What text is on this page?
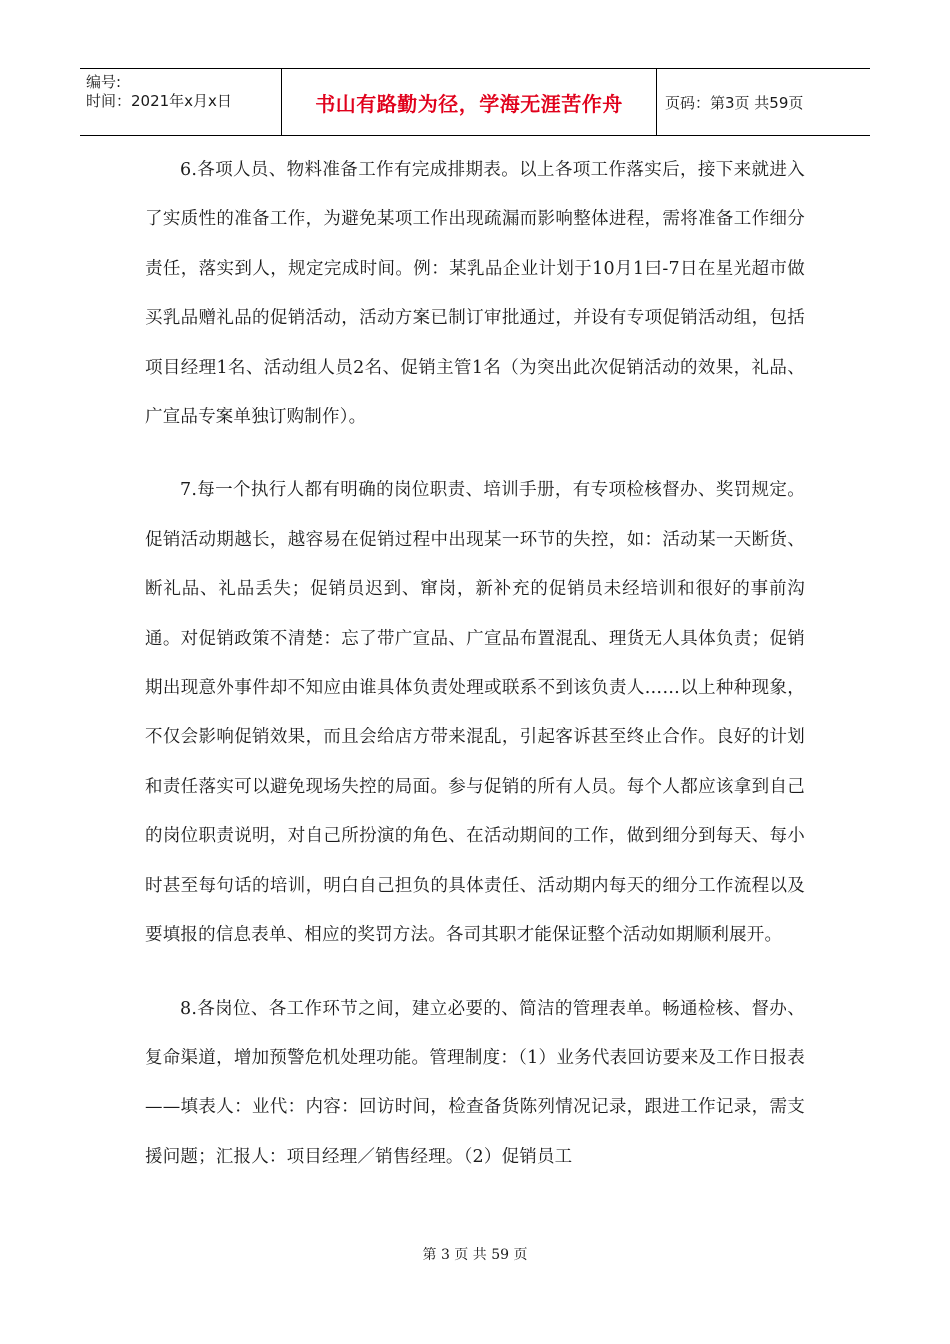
编号:
时间：2021年x月x日	书山有路勤为径，学海无涯苦作舟	页码：第3页 共59页

6.各项人员、物料准备工作有完成排期表。以上各项工作落实后，接下来就进入了实质性的准备工作，为避免某项工作出现疏漏而影响整体进程，需将准备工作细分责任，落实到人，规定完成时间。例：某乳品企业计划于10月1曰-7日在星光超市做买乳品赠礼品的促销活动，活动方案已制订审批通过，并设有专项促销活动组，包括项目经理1名、活动组人员2名、促销主管1名（为突出此次促销活动的效果，礼品、广宣品专案单独订购制作）。

7.每一个执行人都有明确的岗位职责、培训手册，有专项检核督办、奖罚规定。促销活动期越长，越容易在促销过程中出现某一环节的失控，如：活动某一天断货、断礼品、礼品丢失；促销员迟到、窜岗，新补充的促销员未经培训和很好的事前沟通。对促销政策不清楚：忘了带广宣品、广宣品布置混乱、理货无人具体负责；促销期出现意外事件却不知应由谁具体负责处理或联系不到该负责人……以上种种现象，不仅会影响促销效果，而且会给店方带来混乱，引起客诉甚至终止合作。良好的计划和责任落实可以避免现场失控的局面。参与促销的所有人员。每个人都应该拿到自己的岗位职责说明，对自己所扮演的角色、在活动期间的工作，做到细分到每天、每小时甚至每句话的培训，明白自己担负的具体责任、活动期内每天的细分工作流程以及要填报的信息表单、相应的奖罚方法。各司其职才能保证整个活动如期顺利展开。

8.各岗位、各工作环节之间，建立必要的、简洁的管理表单。畅通检核、督办、复命渠道，增加预警危机处理功能。管理制度：（1）业务代表回访要来及工作日报表——填表人：业代：内容：回访时间，检查备货陈列情况记录，跟进工作记录，需支援问题；汇报人：项目经理／销售经理。（2）促销员工

第 3 页 共 59 页
